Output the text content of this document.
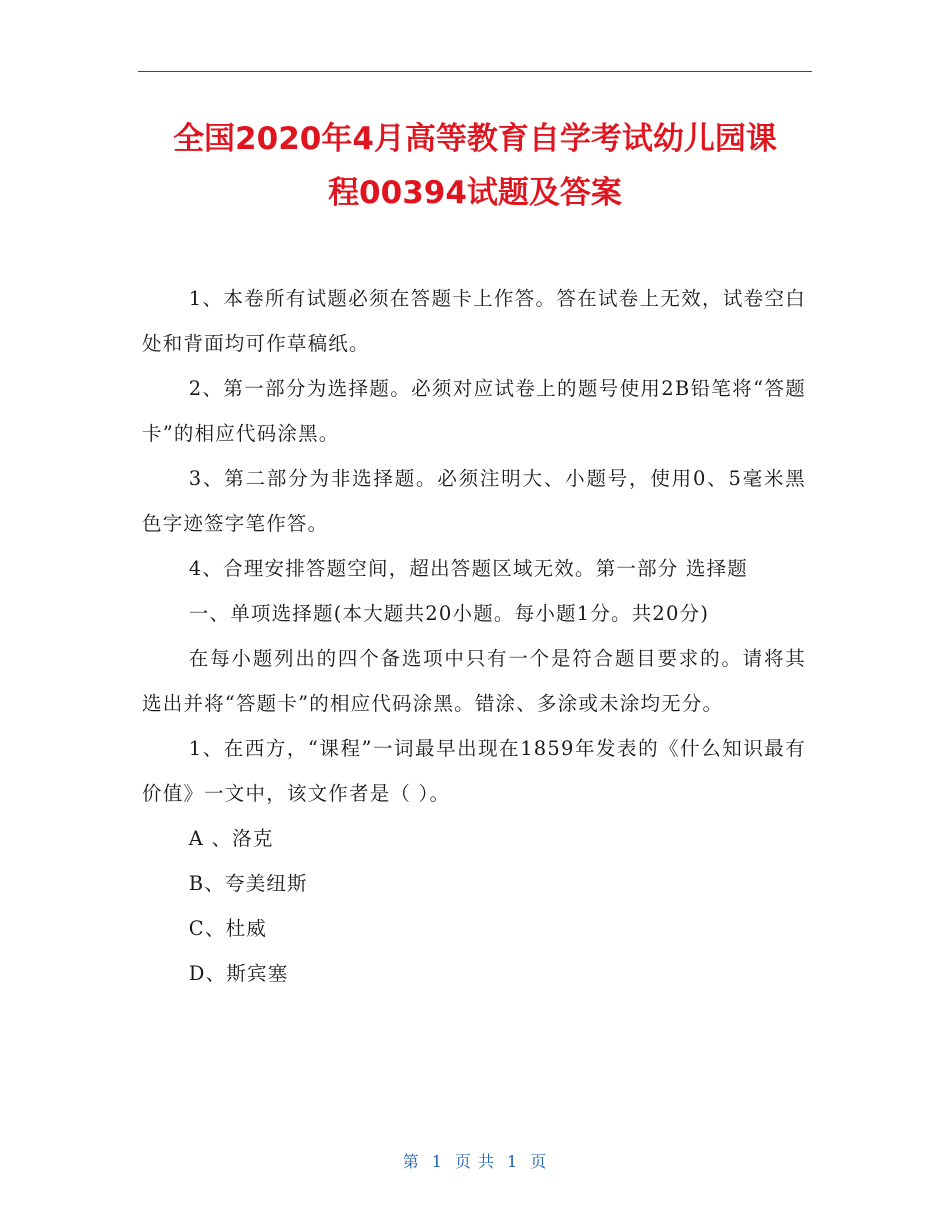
全国2020年4月高等教育自学考试幼儿园课
程00394试题及答案

1、本卷所有试题必须在答题卡上作答。答在试卷上无效，试卷空白处和背面均可作草稿纸。

2、第一部分为选择题。必须对应试卷上的题号使用2B铅笔将“答题卡”的相应代码涂黑。

3、第二部分为非选择题。必须注明大、小题号，使用0、5毫米黑色字迹签字笔作答。

4、合理安排答题空间，超出答题区域无效。第一部分 选择题

一、单项选择题(本大题共20小题。每小题1分。共20分)

在每小题列出的四个备选项中只有一个是符合题目要求的。请将其选出并将“答题卡”的相应代码涂黑。错涂、多涂或未涂均无分。

1、在西方，“课程”一词最早出现在1859年发表的《什么知识最有价值》一文中，该文作者是（ ）。

A 、洛克

B、夸美纽斯

C、杜威

D、斯宾塞

第 1 页 共 1 页
